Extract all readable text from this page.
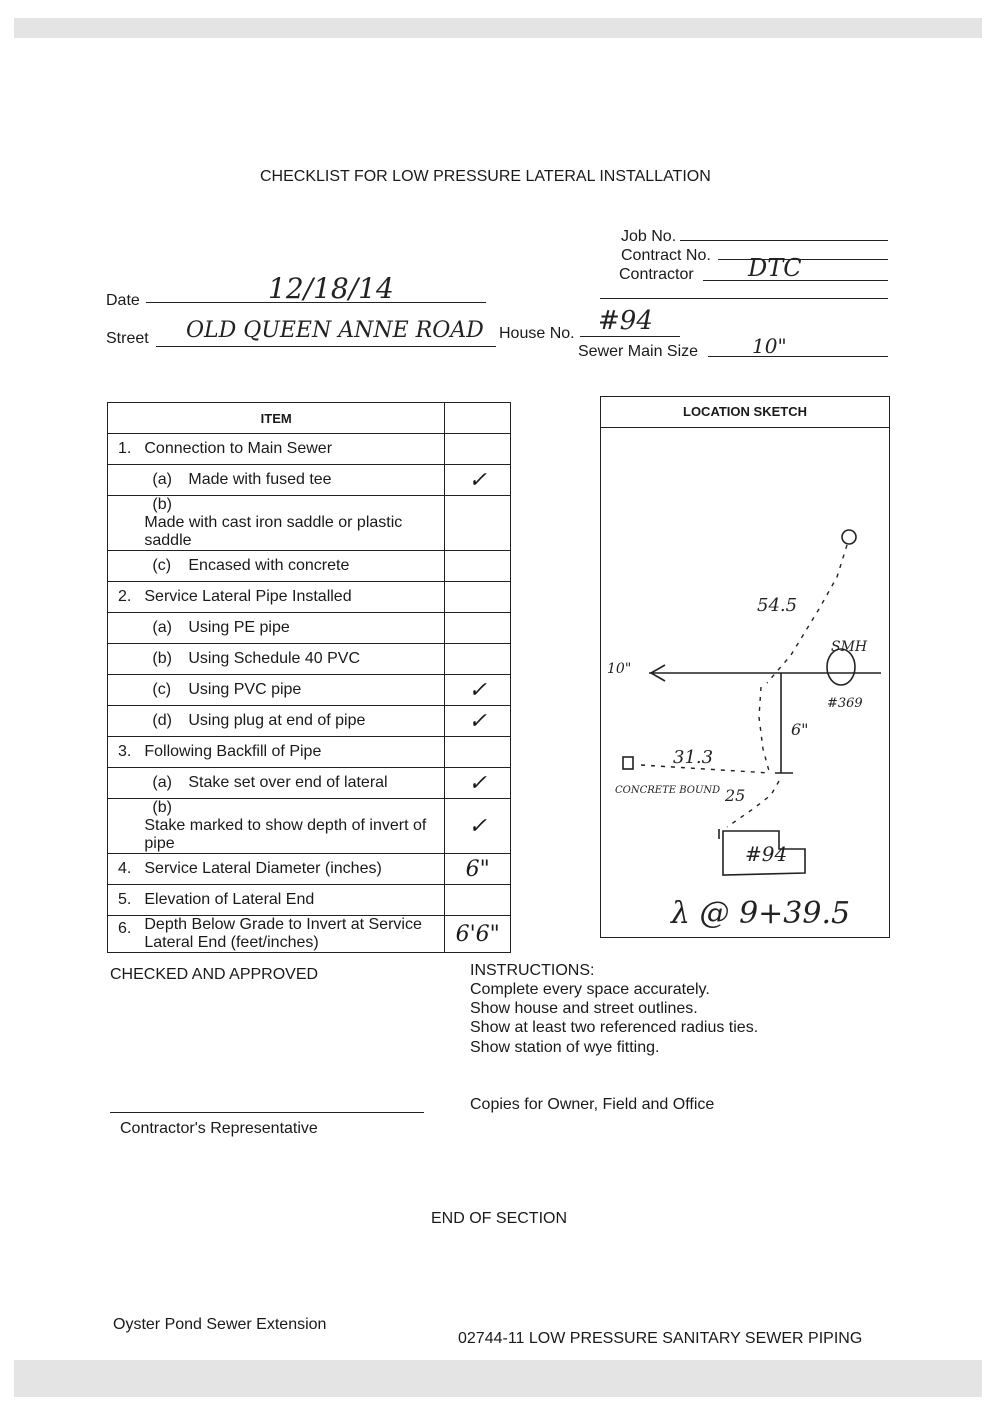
CHECKLIST FOR LOW PRESSURE LATERAL INSTALLATION
Job No.
Contract No.
Contractor DTC
Date	12/18/14
Street OLD QUEEN ANNE ROAD House No. #94
Sewer Main Size	10"
ITEM		
1.	Connection to Main Sewer	
	(a) Made with fused tee	✓
	(b)Made with cast iron saddle or plastic saddle	
	(c) Encased with concrete	
2.	Service Lateral Pipe Installed	
	(a) Using PE pipe	
	(b) Using Schedule 40 PVC	
	(c) Using PVC pipe	✓
	(d) Using plug at end of pipe	✓
3.	Following Backfill of Pipe	
	(a) Stake set over end of lateral	✓
	(b)Stake marked to show depth of invert of pipe	✓
4.	Service Lateral Diameter (inches)	6"
5.	Elevation of Lateral End	
6.	Depth Below Grade to Invert at Service Lateral End (feet/inches)	6'6"
LOCATION SKETCH
54.5
SMH
#369
10"
6"
31.3
CONCRETE BOUND 25
#94
λ @ 9+39.5
CHECKED AND APPROVED	INSTRUCTIONS:
Complete every space accurately.
Show house and street outlines.
Show at least two referenced radius ties.
Show station of wye fitting.
Copies for Owner, Field and Office
Contractor's Representative
END OF SECTION
Oyster Pond Sewer Extension
02744-11 LOW PRESSURE SANITARY SEWER PIPING
